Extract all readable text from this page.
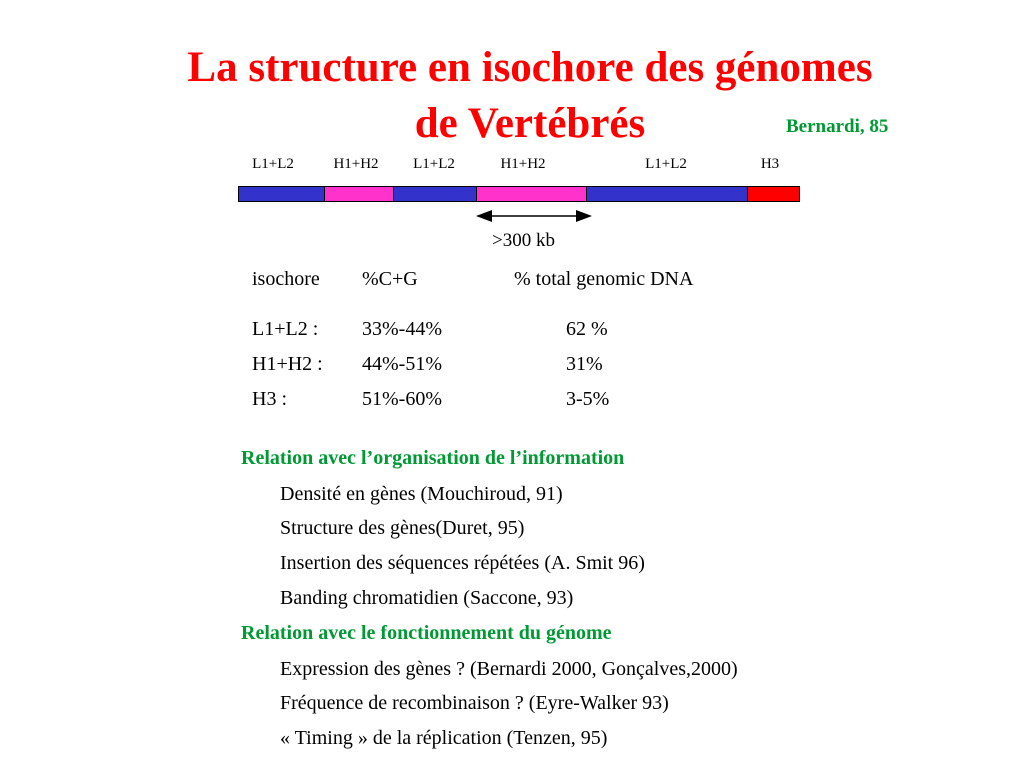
La structure en isochore des génomes
de Vertébrés	Bernardi, 85
L1+L2	H1+H2 L1+L2	H1+H2	L1+L2	H3
>300 kb
isochore %C+G	% total genomic DNA
L1+L2 : 33%-44%	62 %
H1+H2 : 44%-51%	31%
H3 :	51%-60%	3-5%
Relation avec l’organisation de l’information
Densité en gènes (Mouchiroud, 91)
Structure des gènes(Duret, 95)
Insertion des séquences répétées (A. Smit 96)
Banding chromatidien (Saccone, 93)
Relation avec le fonctionnement du génome
Expression des gènes ? (Bernardi 2000, Gonçalves,2000)
Fréquence de recombinaison ? (Eyre-Walker 93)
« Timing » de la réplication (Tenzen, 95)
